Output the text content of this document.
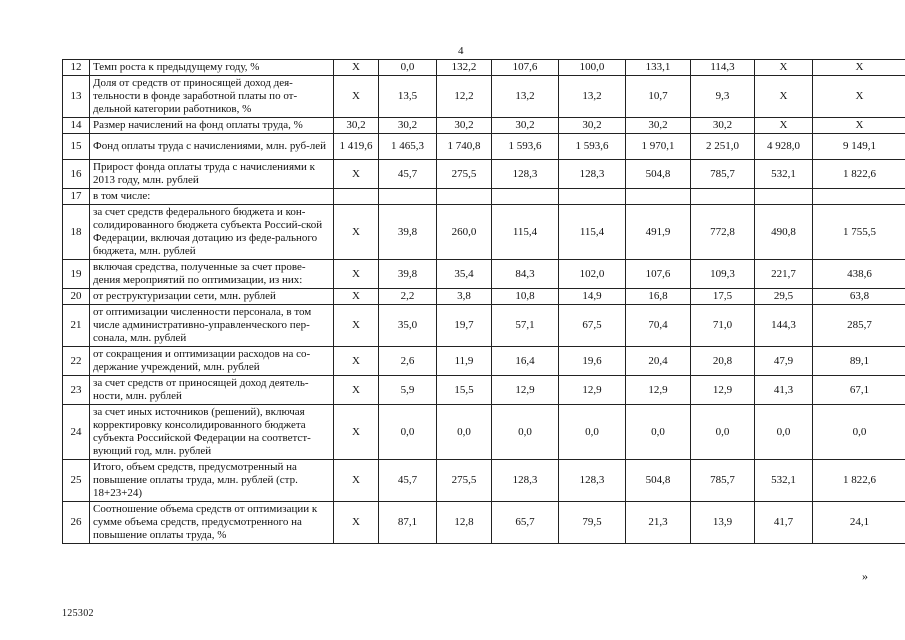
4
12	Темп роста к предыдущему году, %	Х	0,0	132,2	107,6	100,0	133,1	114,3	Х	Х
13	Доля от средств от приносящей доход дея-тельности в фонде заработной платы по от-дельной категории работников, %	Х	13,5	12,2	13,2	13,2	10,7	9,3	Х	Х
14	Размер начислений на фонд оплаты труда, %	30,2	30,2	30,2	30,2	30,2	30,2	30,2	Х	Х
15	Фонд оплаты труда с начислениями, млн. руб-лей	1 419,6	1 465,3	1 740,8	1 593,6	1 593,6	1 970,1	2 251,0	4 928,0	9 149,1
16	Прирост фонда оплаты труда с начислениями к 2013 году, млн. рублей	Х	45,7	275,5	128,3	128,3	504,8	785,7	532,1	1 822,6
17	в том числе:									
18	за счет средств федерального бюджета и кон-солидированного бюджета субъекта Россий-ской Федерации, включая дотацию из феде-рального бюджета, млн. рублей	Х	39,8	260,0	115,4	115,4	491,9	772,8	490,8	1 755,5
19	включая средства, полученные за счет прове-дения мероприятий по оптимизации, из них:	Х	39,8	35,4	84,3	102,0	107,6	109,3	221,7	438,6
20	от реструктуризации сети, млн. рублей	Х	2,2	3,8	10,8	14,9	16,8	17,5	29,5	63,8
21	от оптимизации численности персонала, в том числе административно-управленческого пер-сонала, млн. рублей	Х	35,0	19,7	57,1	67,5	70,4	71,0	144,3	285,7
22	от сокращения и оптимизации расходов на со-держание учреждений, млн. рублей	Х	2,6	11,9	16,4	19,6	20,4	20,8	47,9	89,1
23	за счет средств от приносящей доход деятель-ности, млн. рублей	Х	5,9	15,5	12,9	12,9	12,9	12,9	41,3	67,1
24	за счет иных источников (решений), включая корректировку консолидированного бюджета субъекта Российской Федерации на соответст-вующий год, млн. рублей	Х	0,0	0,0	0,0	0,0	0,0	0,0	0,0	0,0
25	Итого, объем средств, предусмотренный на повышение оплаты труда, млн. рублей (стр. 18+23+24)	Х	45,7	275,5	128,3	128,3	504,8	785,7	532,1	1 822,6
26	Соотношение объема средств от оптимизации к сумме объема средств, предусмотренного на повышение оплаты труда, %	Х	87,1	12,8	65,7	79,5	21,3	13,9	41,7	24,1
»
125302
